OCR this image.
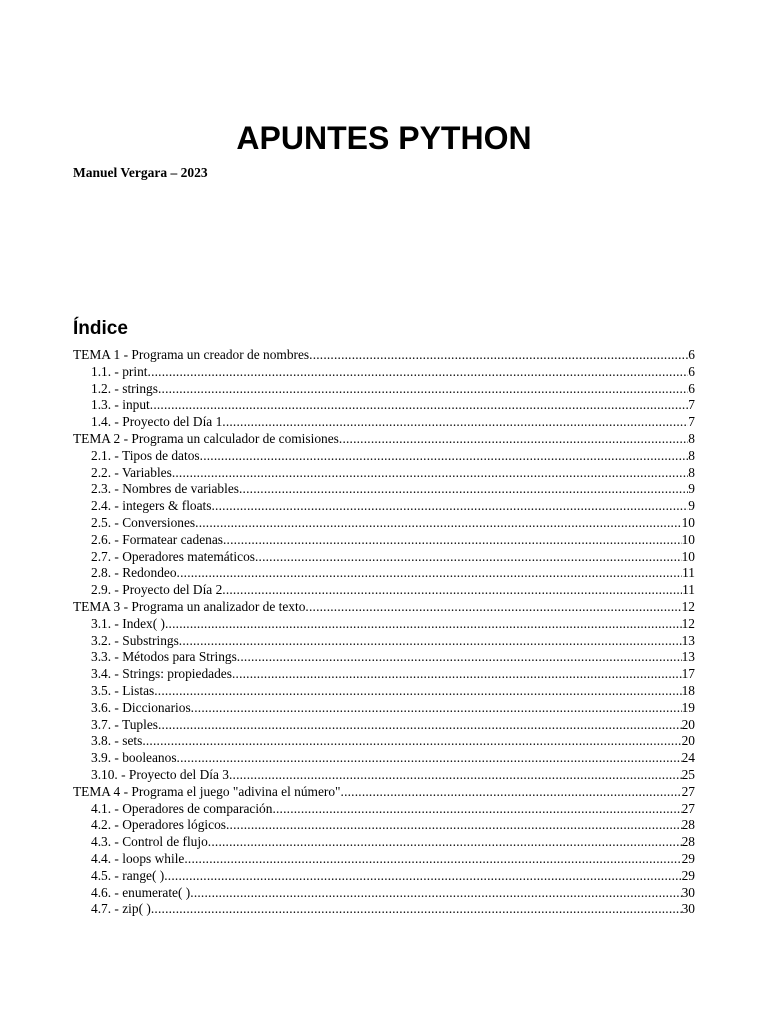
APUNTES PYTHON
Manuel Vergara – 2023
Índice
TEMA 1 - Programa un creador de nombres .....	6
1.1. - print .....	6
1.2. - strings .....	6
1.3. - input .....	7
1.4. - Proyecto del Día 1 .....	7
TEMA 2 - Programa un calculador de comisiones .....	8
2.1. - Tipos de datos .....	8
2.2. - Variables .....	8
2.3. - Nombres de variables .....	9
2.4. - integers & floats .....	9
2.5. - Conversiones .....	10
2.6. - Formatear cadenas .....	10
2.7. - Operadores matemáticos .....	10
2.8. - Redondeo .....	11
2.9. - Proyecto del Día 2 .....	11
TEMA 3 - Programa un analizador de texto .....	12
3.1. - Index( ) .....	12
3.2. - Substrings .....	13
3.3. - Métodos para Strings .....	13
3.4. - Strings: propiedades .....	17
3.5. - Listas .....	18
3.6. - Diccionarios .....	19
3.7. - Tuples .....	20
3.8. - sets .....	20
3.9. - booleanos .....	24
3.10. - Proyecto del Día 3 .....	25
TEMA 4 - Programa el juego "adivina el número" .....	27
4.1. - Operadores de comparación .....	27
4.2. - Operadores lógicos .....	28
4.3. - Control de flujo .....	28
4.4. - loops while .....	29
4.5. - range( ) .....	29
4.6. - enumerate( ) .....	30
4.7. - zip( ) .....	30
